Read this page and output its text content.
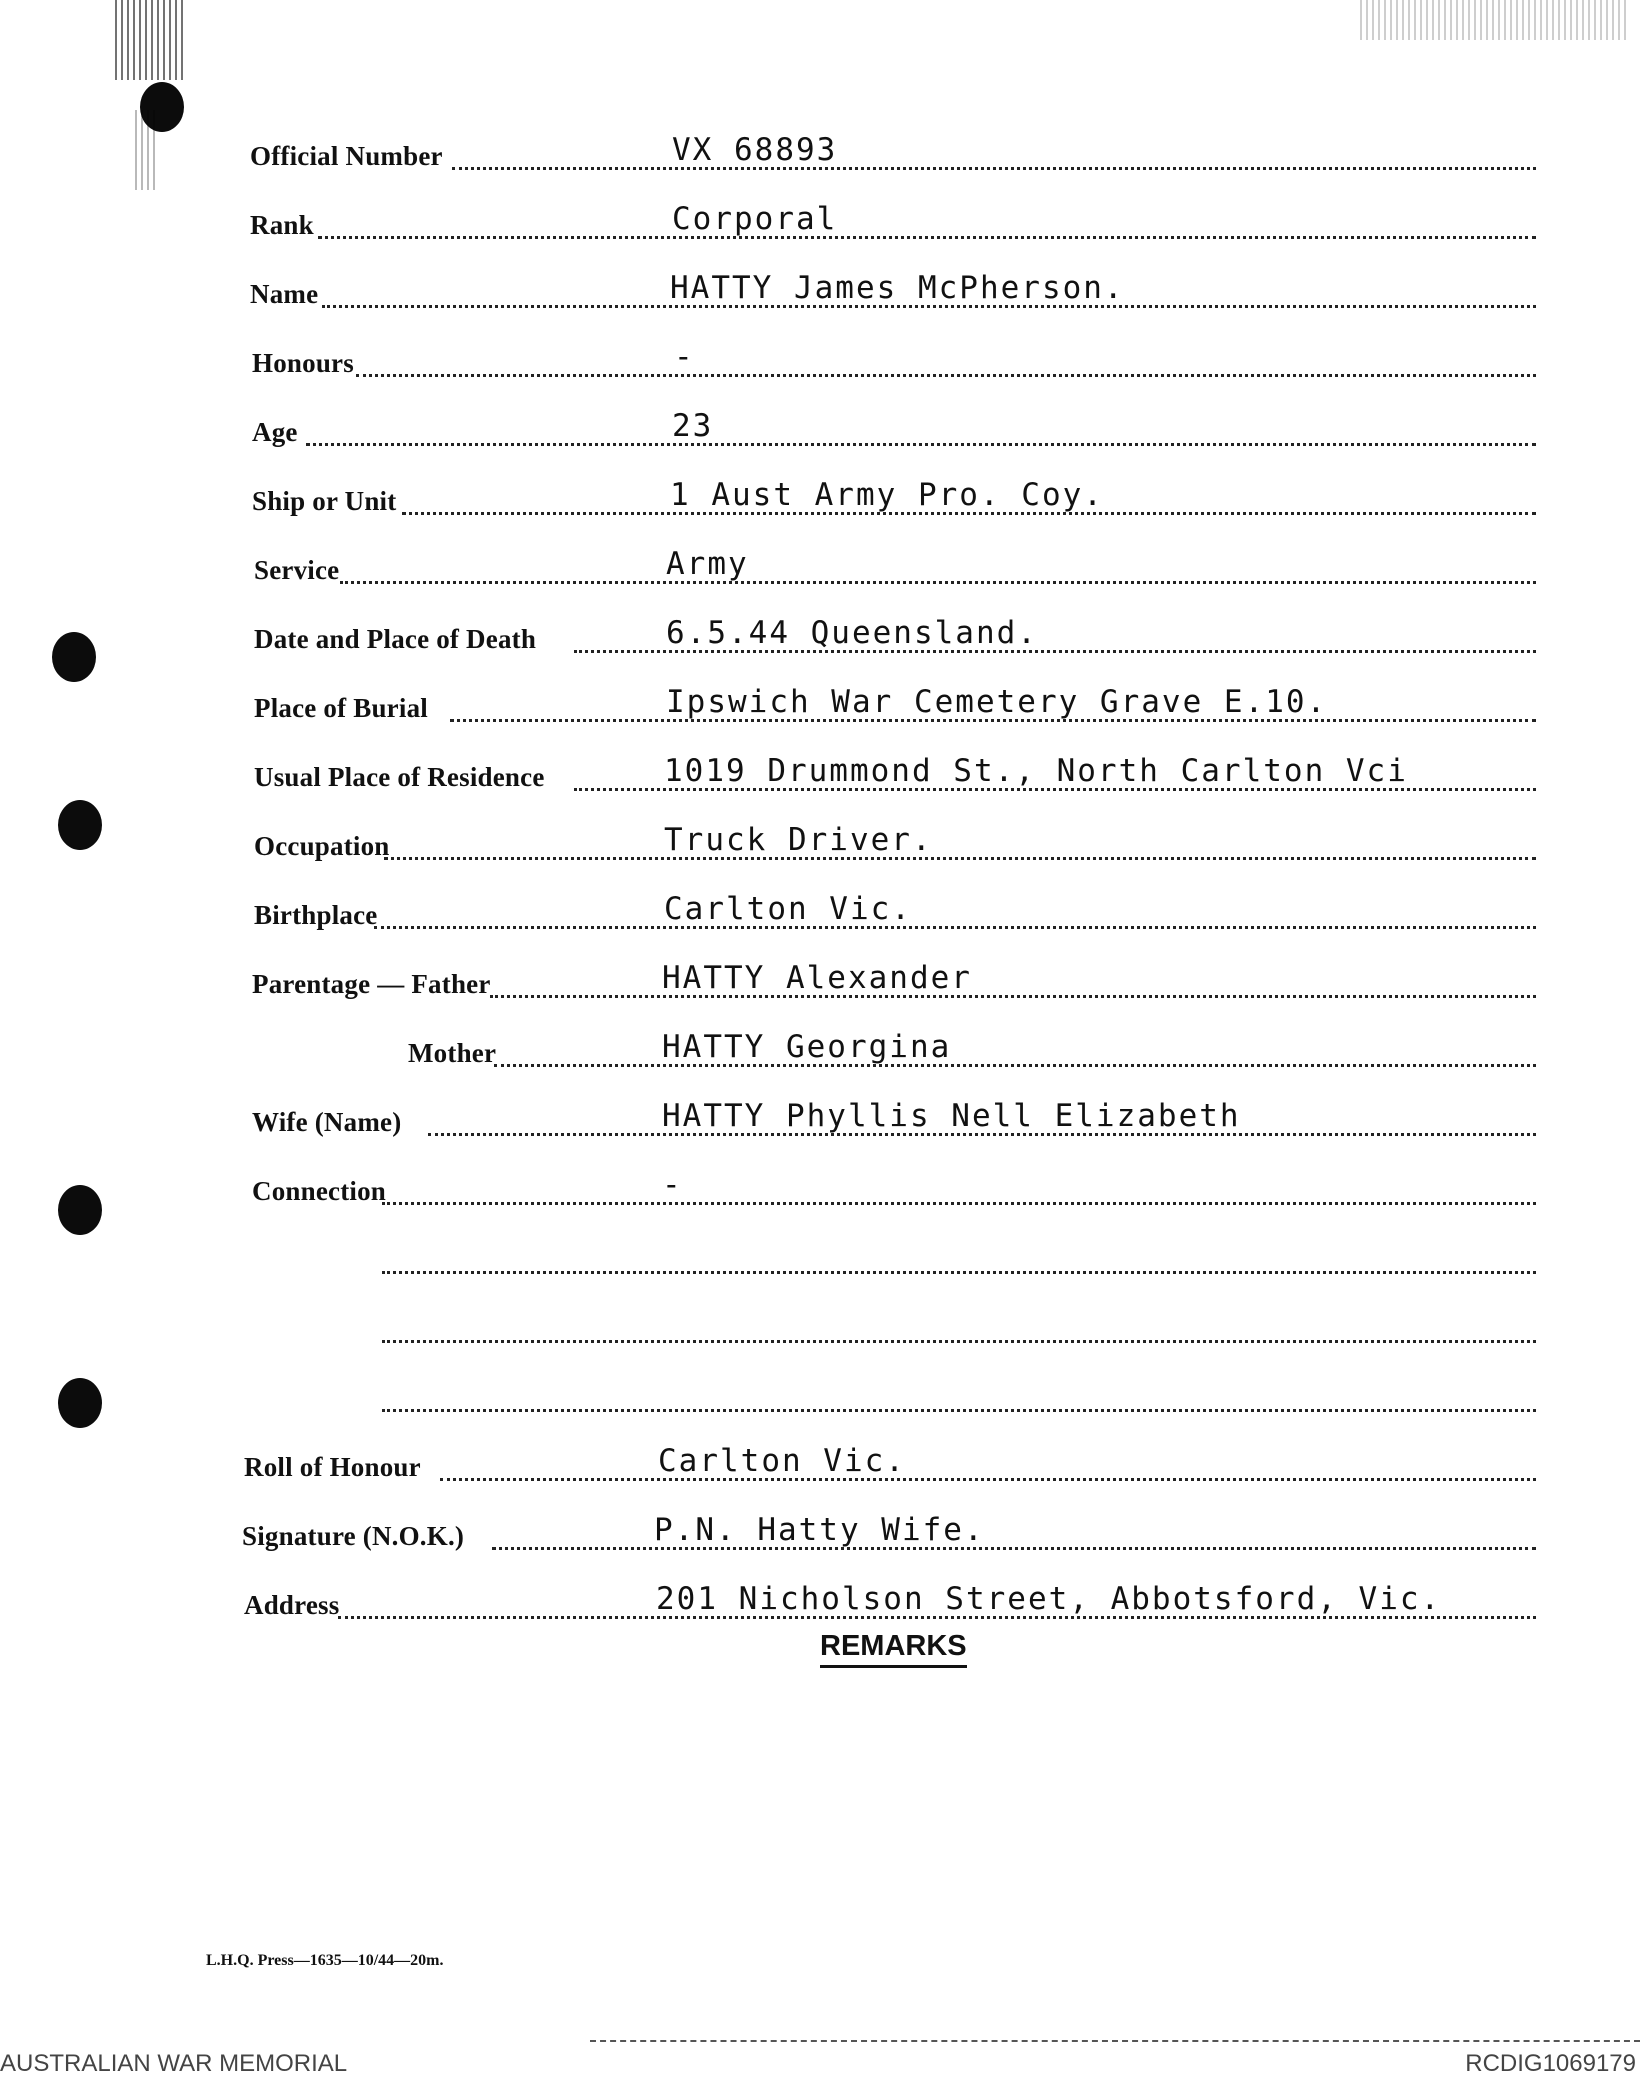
Official Number	VX 68893
Rank	Corporal
Name	HATTY James McPherson.
Honours	-
Age	23
Ship or Unit	1 Aust Army Pro. Coy.
Service	Army
Date and Place of Death	6.5.44 Queensland.
Place of Burial	Ipswich War Cemetery Grave E.10.
Usual Place of Residence	1019 Drummond St., North Carlton Vci
Occupation	Truck Driver.
Birthplace	Carlton Vic.
Parentage — Father	HATTY Alexander
Mother	HATTY Georgina
Wife (Name)	HATTY Phyllis Nell Elizabeth
Connection	-
Roll of Honour	Carlton Vic.
Signature (N.O.K.)	P.N. Hatty Wife.
Address	201 Nicholson Street, Abbotsford, Vic.
REMARKS
L.H.Q. Press—1635—10/44—20m.
AUSTRALIAN WAR MEMORIAL	RCDIG1069179
